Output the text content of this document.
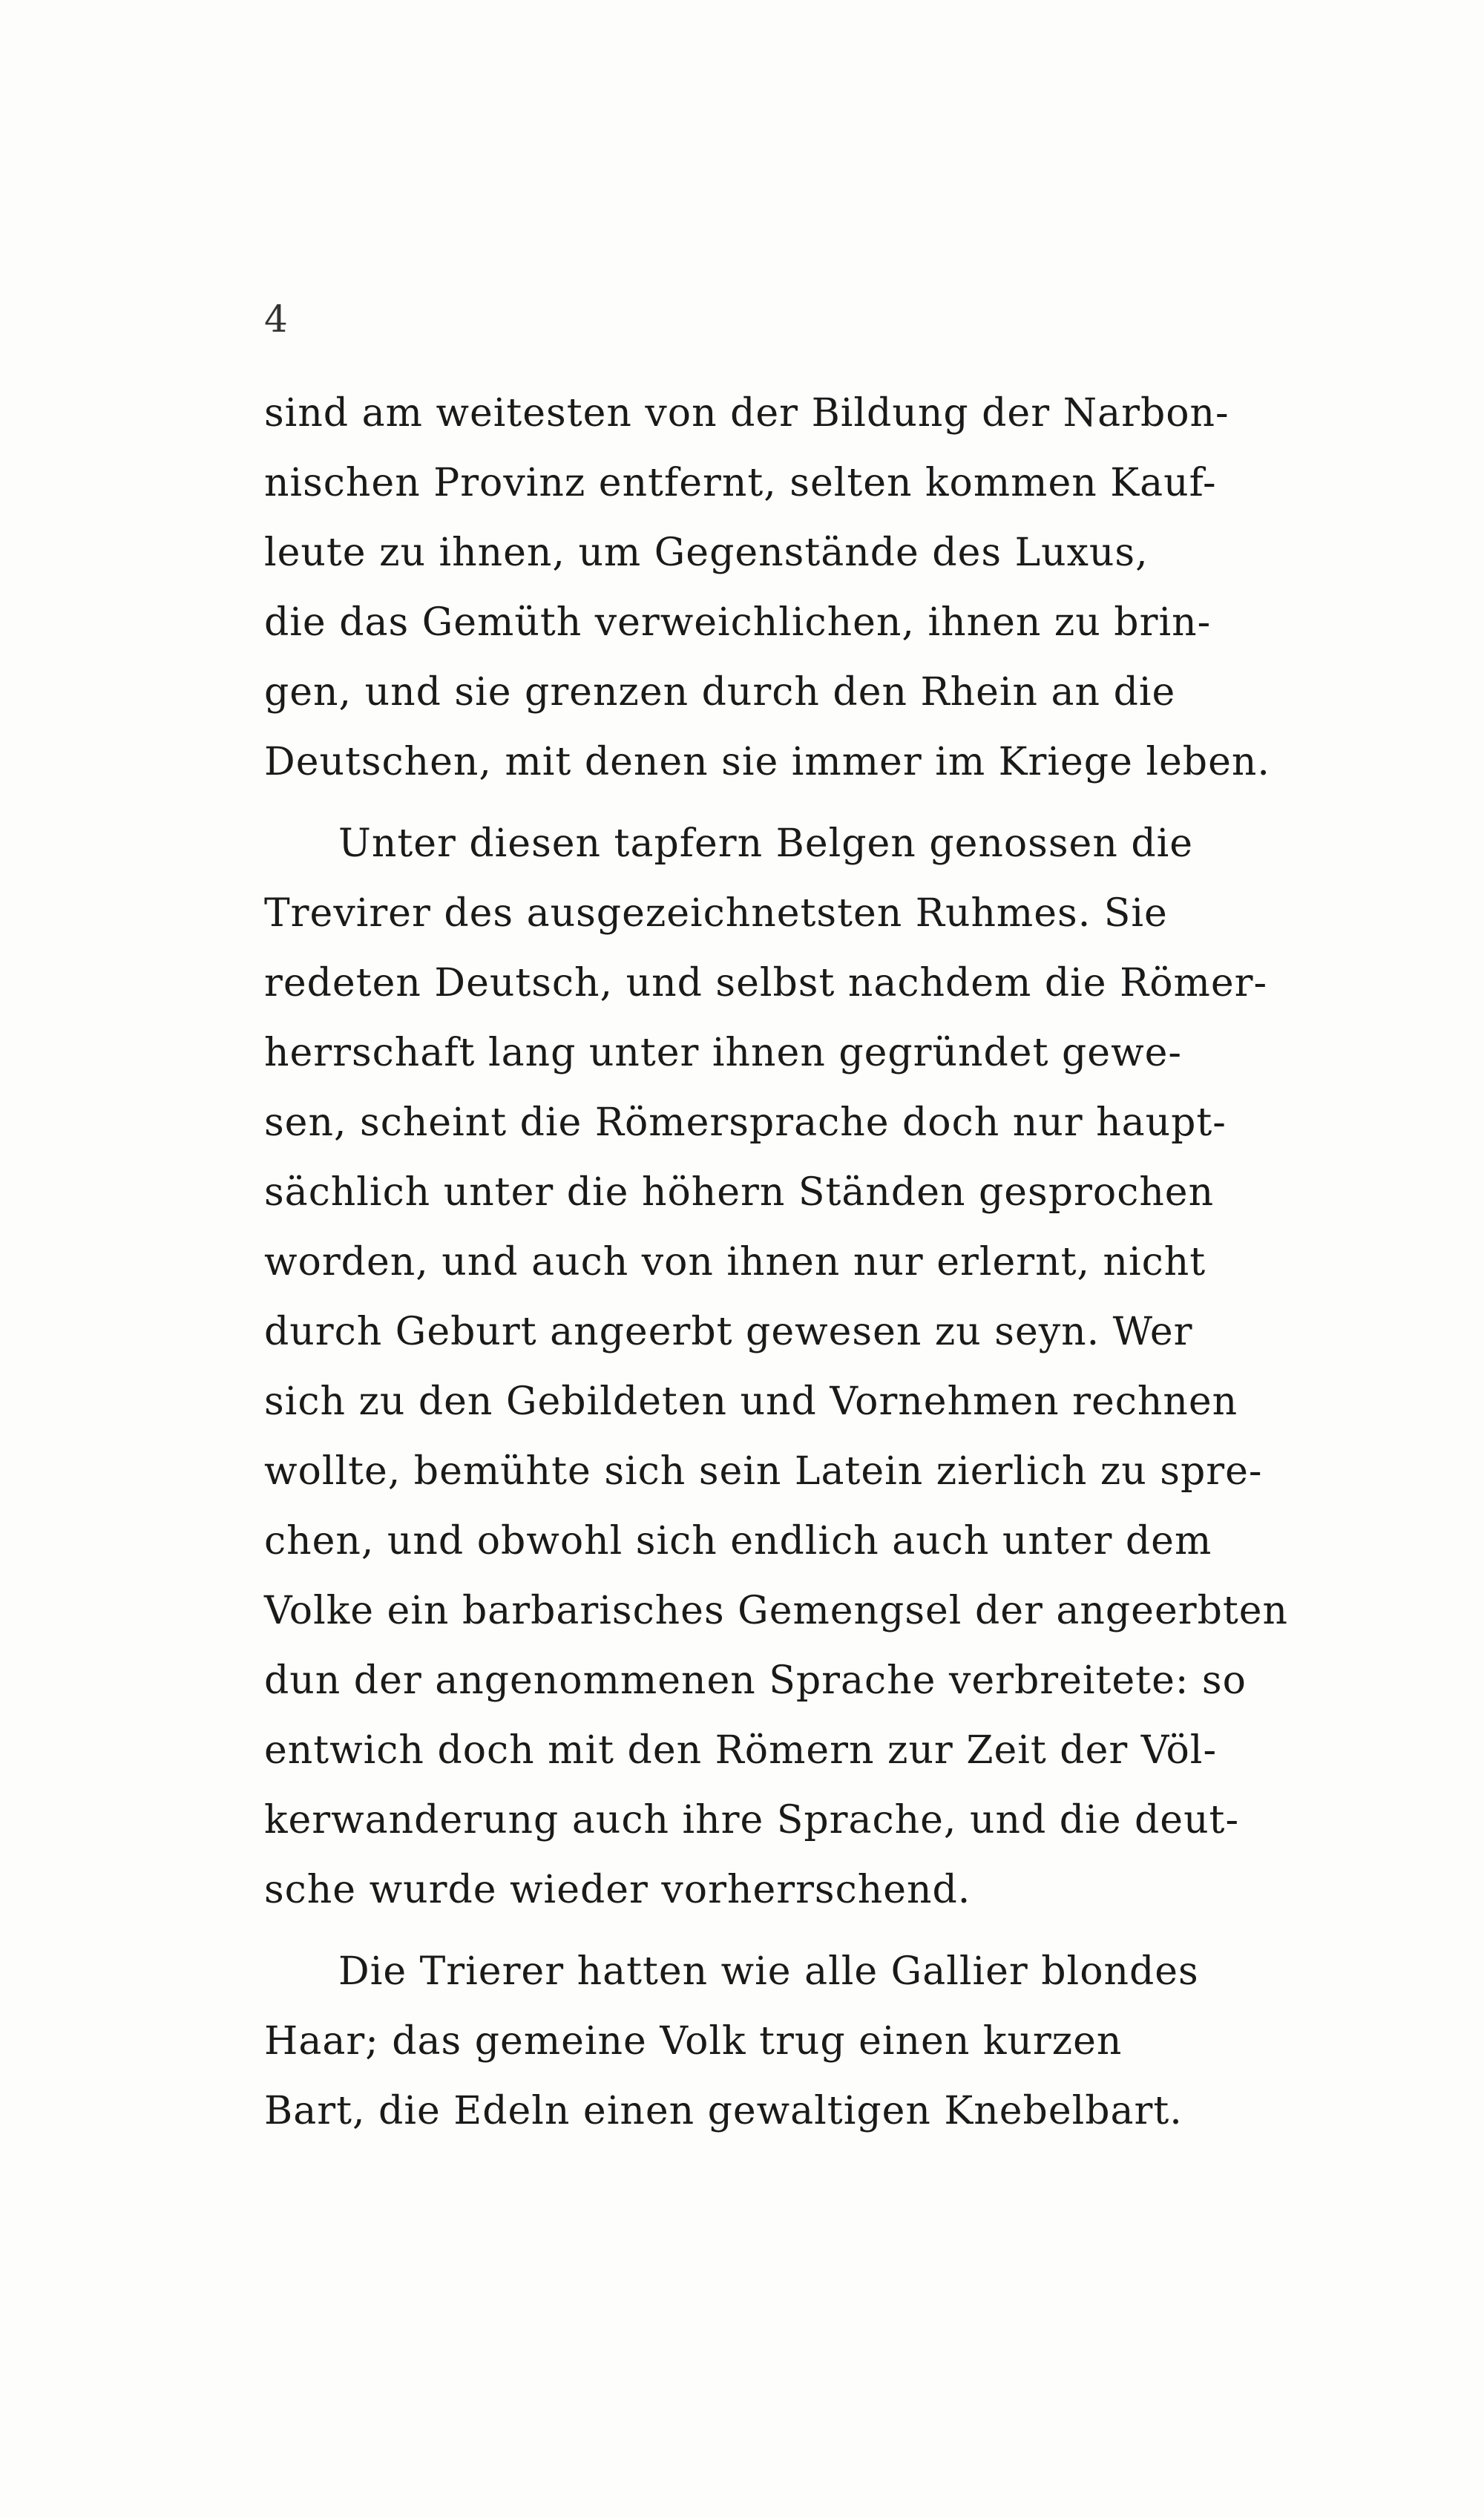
4
sind am weitesten von der Bildung der Narbon-
nischen Provinz entfernt, selten kommen Kauf-
leute zu ihnen, um Gegenstände des Luxus,
die das Gemüth verweichlichen, ihnen zu brin-
gen, und sie grenzen durch den Rhein an die
Deutschen, mit denen sie immer im Kriege leben.
Unter diesen tapfern Belgen genossen die
Trevirer des ausgezeichnetsten Ruhmes. Sie
redeten Deutsch, und selbst nachdem die Römer-
herrschaft lang unter ihnen gegründet gewe-
sen, scheint die Römersprache doch nur haupt-
sächlich unter die höhern Ständen gesprochen
worden, und auch von ihnen nur erlernt, nicht
durch Geburt angeerbt gewesen zu seyn. Wer
sich zu den Gebildeten und Vornehmen rechnen
wollte, bemühte sich sein Latein zierlich zu spre-
chen, und obwohl sich endlich auch unter dem
Volke ein barbarisches Gemengsel der angeerbten
dun der angenommenen Sprache verbreitete: so
entwich doch mit den Römern zur Zeit der Völ-
kerwanderung auch ihre Sprache, und die deut-
sche wurde wieder vorherrschend.
Die Trierer hatten wie alle Gallier blondes
Haar; das gemeine Volk trug einen kurzen
Bart, die Edeln einen gewaltigen Knebelbart.
